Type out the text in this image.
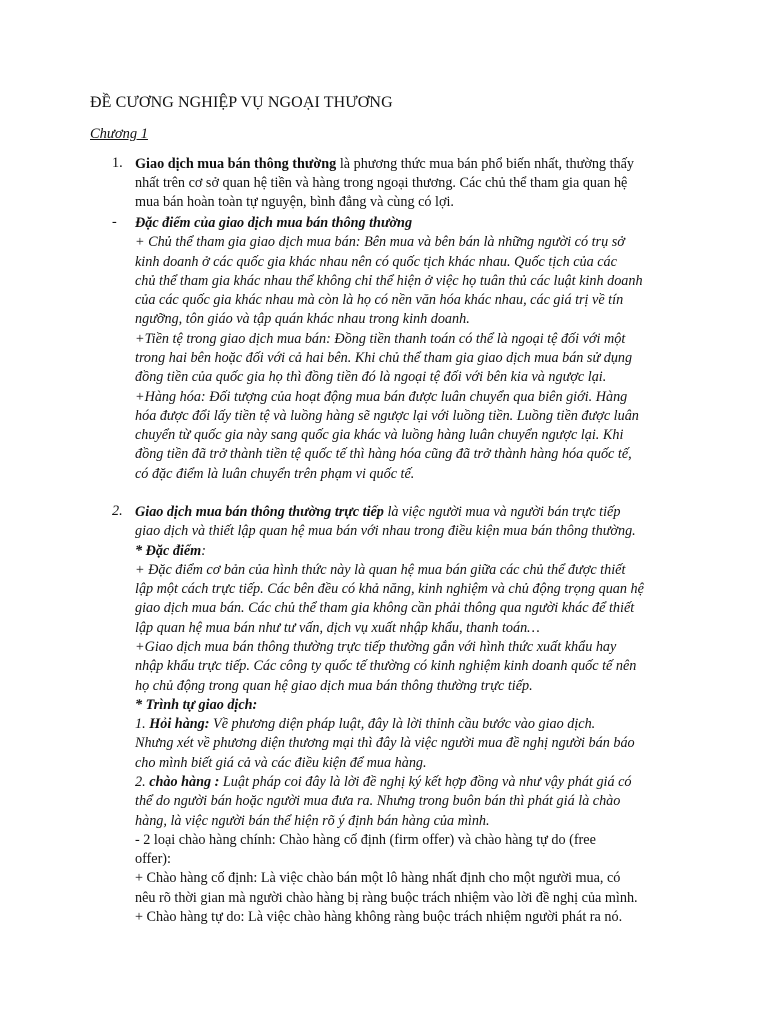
ĐỀ CƯƠNG NGHIỆP VỤ NGOẠI THƯƠNG
Chương 1
1. Giao dịch mua bán thông thường là phương thức mua bán phổ biến nhất, thường thấy
nhất trên cơ sở quan hệ tiền và hàng trong ngoại thương. Các chủ thể tham gia quan hệ
mua bán hoàn toàn tự nguyện, bình đẳng và cùng có lợi.
- Đặc điểm của giao dịch mua bán thông thường
+ Chủ thể tham gia giao dịch mua bán: Bên mua và bên bán là những người có trụ sở
kinh doanh ở các quốc gia khác nhau nên có quốc tịch khác nhau. Quốc tịch của các
chủ thể tham gia khác nhau thể không chỉ thể hiện ở việc họ tuân thủ các luật kinh doanh
của các quốc gia khác nhau mà còn là họ có nền văn hóa khác nhau, các giá trị về tín
ngưỡng, tôn giáo và tập quán khác nhau trong kinh doanh.
+Tiền tệ trong giao dịch mua bán: Đồng tiền thanh toán có thể là ngoại tệ đối với một
trong hai bên hoặc đối với cả hai bên. Khi chủ thể tham gia giao dịch mua bán sử dụng
đồng tiền của quốc gia họ thì đồng tiền đó là ngoại tệ đối với bên kia và ngược lại.
+Hàng hóa: Đối tượng của hoạt động mua bán được luân chuyển qua biên giới. Hàng
hóa được đổi lấy tiền tệ và luồng hàng sẽ ngược lại với luồng tiền. Luồng tiền được luân
chuyển từ quốc gia này sang quốc gia khác và luồng hàng luân chuyển ngược lại. Khi
đồng tiền đã trở thành tiền tệ quốc tế thì hàng hóa cũng đã trở thành hàng hóa quốc tế,
có đặc điểm là luân chuyển trên phạm vi quốc tế.
2. Giao dịch mua bán thông thường trực tiếp là việc người mua và người bán trực tiếp
giao dịch và thiết lập quan hệ mua bán với nhau trong điều kiện mua bán thông thường.
* Đặc điểm:
+ Đặc điểm cơ bản của hình thức này là quan hệ mua bán giữa các chủ thể được thiết
lập một cách trực tiếp. Các bên đều có khả năng, kinh nghiệm và chủ động trọng quan hệ
giao dịch mua bán. Các chủ thể tham gia không cần phải thông qua người khác để thiết
lập quan hệ mua bán như tư vấn, dịch vụ xuất nhập khẩu, thanh toán…
+Giao dịch mua bán thông thường trực tiếp thường gắn với hình thức xuất khẩu hay
nhập khẩu trực tiếp. Các công ty quốc tế thường có kinh nghiệm kinh doanh quốc tế nên
họ chủ động trong quan hệ giao dịch mua bán thông thường trực tiếp.
* Trình tự giao dịch:
1. Hỏi hàng: Về phương diện pháp luật, đây là lời thỉnh cầu bước vào giao dịch.
Nhưng xét về phương diện thương mại thì đây là việc người mua đề nghị người bán báo
cho mình biết giá cả và các điều kiện để mua hàng.
2. chào hàng : Luật pháp coi đây là lời đề nghị ký kết hợp đồng và như vậy phát giá có
thể do người bán hoặc người mua đưa ra. Nhưng trong buôn bán thì phát giá là chào
hàng, là việc người bán thể hiện rõ ý định bán hàng của mình.
- 2 loại chào hàng chính: Chào hàng cố định (firm offer) và chào hàng tự do (free
offer):
+ Chào hàng cố định: Là việc chào bán một lô hàng nhất định cho một người mua, có
nêu rõ thời gian mà người chào hàng bị ràng buộc trách nhiệm vào lời đề nghị của mình.
+ Chào hàng tự do: Là việc chào hàng không ràng buộc trách nhiệm người phát ra nó.
